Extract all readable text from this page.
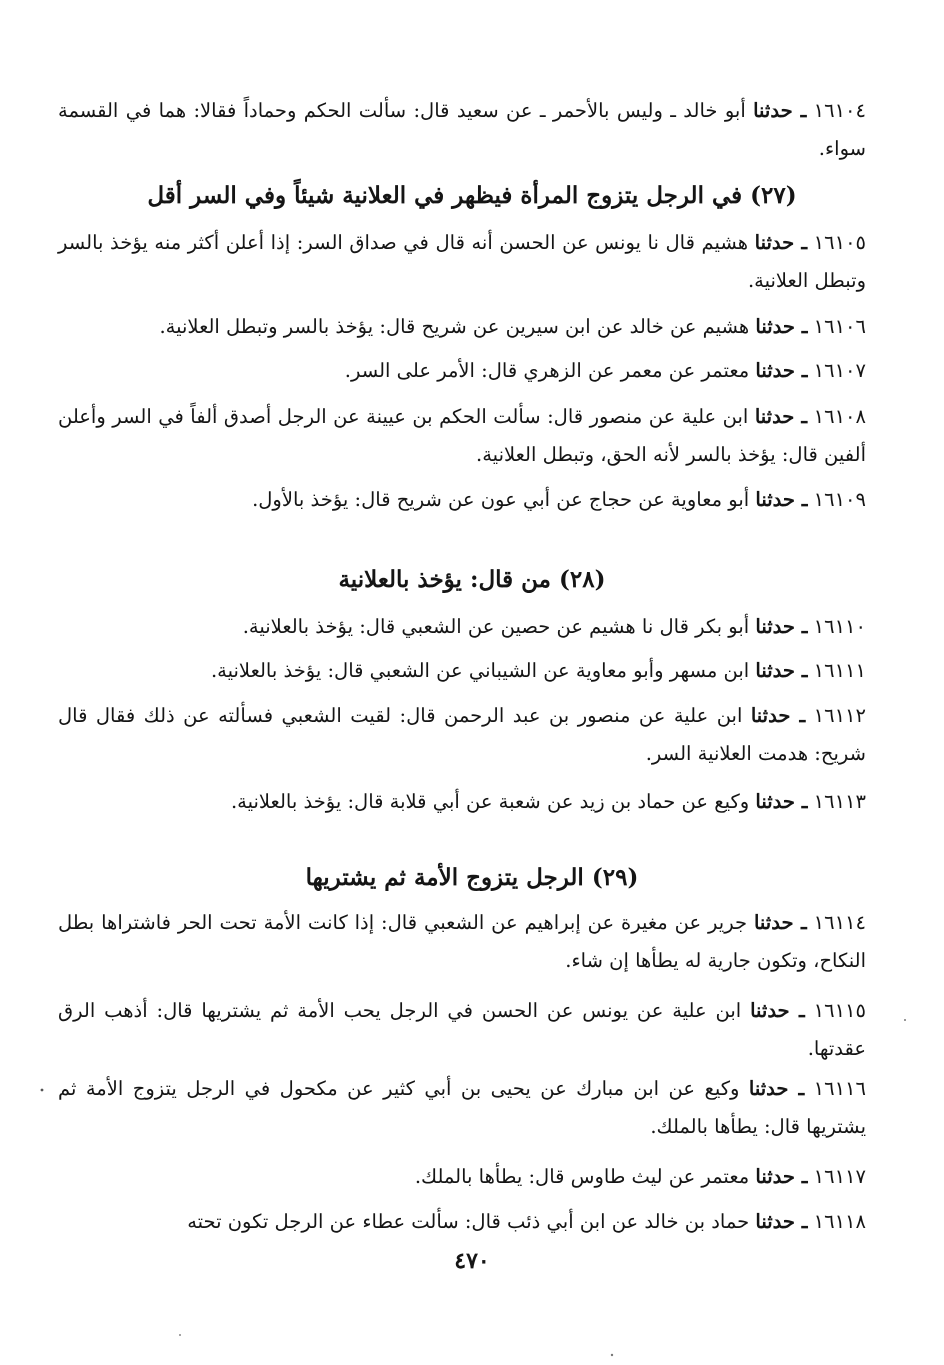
١٦١٠٤ ـ حدثنا أبو خالد ـ وليس بالأحمر ـ عن سعيد قال: سألت الحكم وحماداً فقالا: هما في القسمة سواء.
(٢٧) في الرجل يتزوج المرأة فيظهر في العلانية شيئاً وفي السر أقل
١٦١٠٥ ـ حدثنا هشيم قال نا يونس عن الحسن أنه قال في صداق السر: إذا أعلن أكثر منه يؤخذ بالسر وتبطل العلانية.
١٦١٠٦ ـ حدثنا هشيم عن خالد عن ابن سيرين عن شريح قال: يؤخذ بالسر وتبطل العلانية.
١٦١٠٧ ـ حدثنا معتمر عن معمر عن الزهري قال: الأمر على السر.
١٦١٠٨ ـ حدثنا ابن علية عن منصور قال: سألت الحكم بن عيينة عن الرجل أصدق ألفاً في السر وأعلن ألفين قال: يؤخذ بالسر لأنه الحق، وتبطل العلانية.
١٦١٠٩ ـ حدثنا أبو معاوية عن حجاج عن أبي عون عن شريح قال: يؤخذ بالأول.
(٢٨) من قال: يؤخذ بالعلانية
١٦١١٠ ـ حدثنا أبو بكر قال نا هشيم عن حصين عن الشعبي قال: يؤخذ بالعلانية.
١٦١١١ ـ حدثنا ابن مسهر وأبو معاوية عن الشيباني عن الشعبي قال: يؤخذ بالعلانية.
١٦١١٢ ـ حدثنا ابن علية عن منصور بن عبد الرحمن قال: لقيت الشعبي فسألته عن ذلك فقال قال شريح: هدمت العلانية السر.
١٦١١٣ ـ حدثنا وكيع عن حماد بن زيد عن شعبة عن أبي قلابة قال: يؤخذ بالعلانية.
(٢٩) الرجل يتزوج الأمة ثم يشتريها
١٦١١٤ ـ حدثنا جرير عن مغيرة عن إبراهيم عن الشعبي قال: إذا كانت الأمة تحت الحر فاشتراها بطل النكاح، وتكون جارية له يطأها إن شاء.
١٦١١٥ ـ حدثنا ابن علية عن يونس عن الحسن في الرجل يحب الأمة ثم يشتريها قال: أذهب الرق عقدتها.
١٦١١٦ ـ حدثنا وكيع عن ابن مبارك عن يحيى بن أبي كثير عن مكحول في الرجل يتزوج الأمة ثم يشتريها قال: يطأها بالملك.
١٦١١٧ ـ حدثنا معتمر عن ليث طاوس قال: يطأها بالملك.
١٦١١٨ ـ حدثنا حماد بن خالد عن ابن أبي ذئب قال: سألت عطاء عن الرجل تكون تحته
٤٧٠
